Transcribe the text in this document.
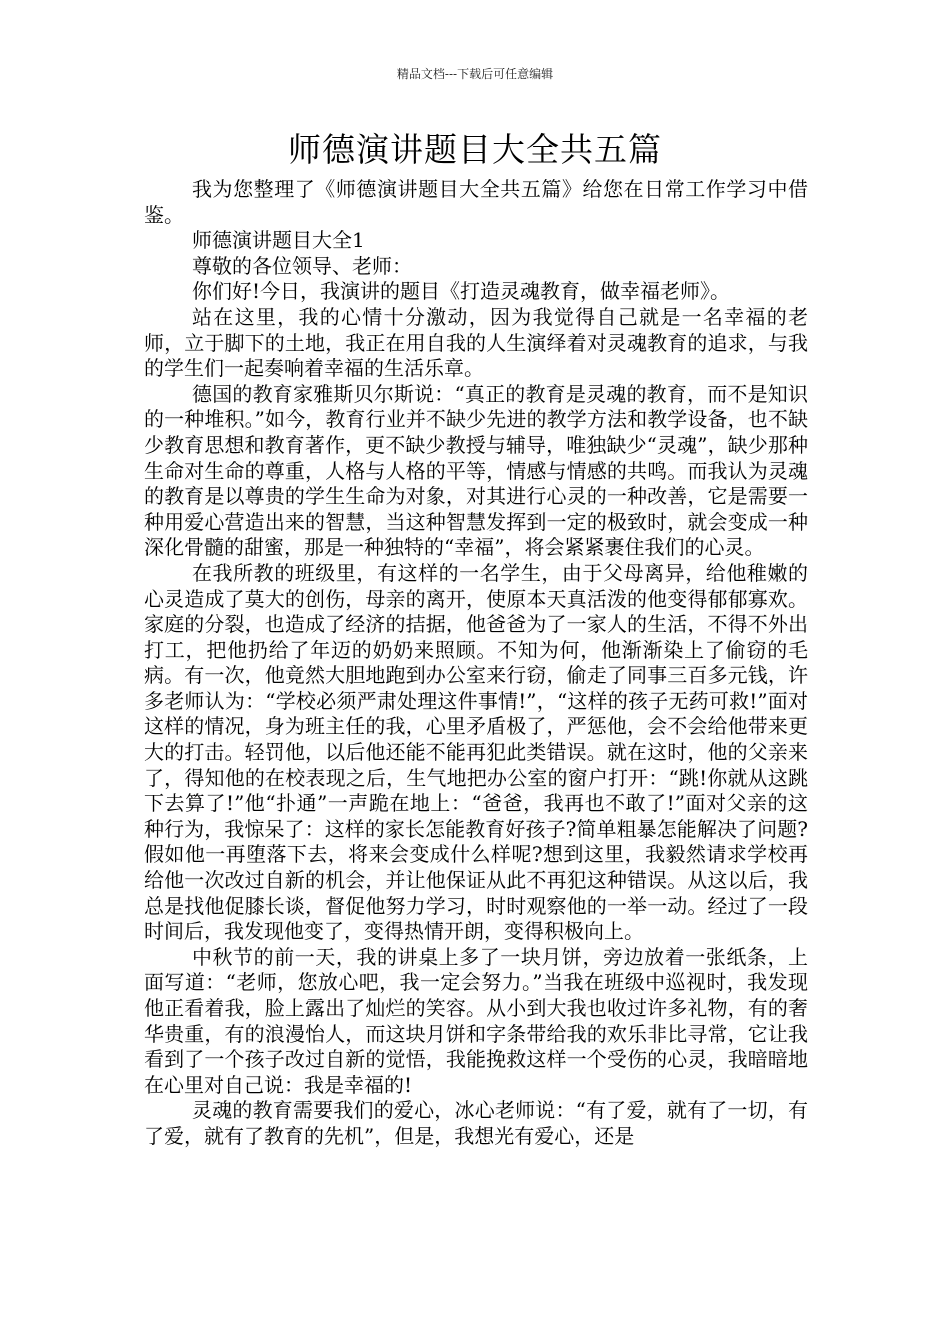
精品文档---下载后可任意编辑
师德演讲题目大全共五篇

我为您整理了《师德演讲题目大全共五篇》给您在日常工作学习中借鉴。

师德演讲题目大全1

尊敬的各位领导、老师：

你们好!今日，我演讲的题目《打造灵魂教育，做幸福老师》。

站在这里，我的心情十分激动，因为我觉得自己就是一名幸福的老师，立于脚下的土地，我正在用自我的人生演绎着对灵魂教育的追求，与我的学生们一起奏响着幸福的生活乐章。

德国的教育家雅斯贝尔斯说：“真正的教育是灵魂的教育，而不是知识的一种堆积。”如今，教育行业并不缺少先进的教学方法和教学设备，也不缺少教育思想和教育著作，更不缺少教授与辅导，唯独缺少“灵魂”，缺少那种生命对生命的尊重，人格与人格的平等，情感与情感的共鸣。而我认为灵魂的教育是以尊贵的学生生命为对象，对其进行心灵的一种改善，它是需要一种用爱心营造出来的智慧，当这种智慧发挥到一定的极致时，就会变成一种深化骨髓的甜蜜，那是一种独特的“幸福”，将会紧紧裹住我们的心灵。

在我所教的班级里，有这样的一名学生，由于父母离异，给他稚嫩的心灵造成了莫大的创伤，母亲的离开，使原本天真活泼的他变得郁郁寡欢。家庭的分裂，也造成了经济的拮据，他爸爸为了一家人的生活，不得不外出打工，把他扔给了年迈的奶奶来照顾。不知为何，他渐渐染上了偷窃的毛病。有一次，他竟然大胆地跑到办公室来行窃，偷走了同事三百多元钱，许多老师认为：“学校必须严肃处理这件事情!”，“这样的孩子无药可救!”面对这样的情况，身为班主任的我，心里矛盾极了，严惩他，会不会给他带来更大的打击。轻罚他，以后他还能不能再犯此类错误。就在这时，他的父亲来了，得知他的在校表现之后，生气地把办公室的窗户打开：“跳!你就从这跳下去算了!”他“扑通”一声跪在地上：“爸爸，我再也不敢了!”面对父亲的这种行为，我惊呆了：这样的家长怎能教育好孩子?简单粗暴怎能解决了问题?假如他一再堕落下去，将来会变成什么样呢?想到这里，我毅然请求学校再给他一次改过自新的机会，并让他保证从此不再犯这种错误。从这以后，我总是找他促膝长谈，督促他努力学习，时时观察他的一举一动。经过了一段时间后，我发现他变了，变得热情开朗，变得积极向上。

中秋节的前一天，我的讲桌上多了一块月饼，旁边放着一张纸条，上面写道：“老师，您放心吧，我一定会努力。”当我在班级中巡视时，我发现他正看着我，脸上露出了灿烂的笑容。从小到大我也收过许多礼物，有的奢华贵重，有的浪漫怡人，而这块月饼和字条带给我的欢乐非比寻常，它让我看到了一个孩子改过自新的觉悟，我能挽救这样一个受伤的心灵，我暗暗地在心里对自己说：我是幸福的!

灵魂的教育需要我们的爱心，冰心老师说：“有了爱，就有了一切，有了爱，就有了教育的先机”，但是，我想光有爱心，还是
